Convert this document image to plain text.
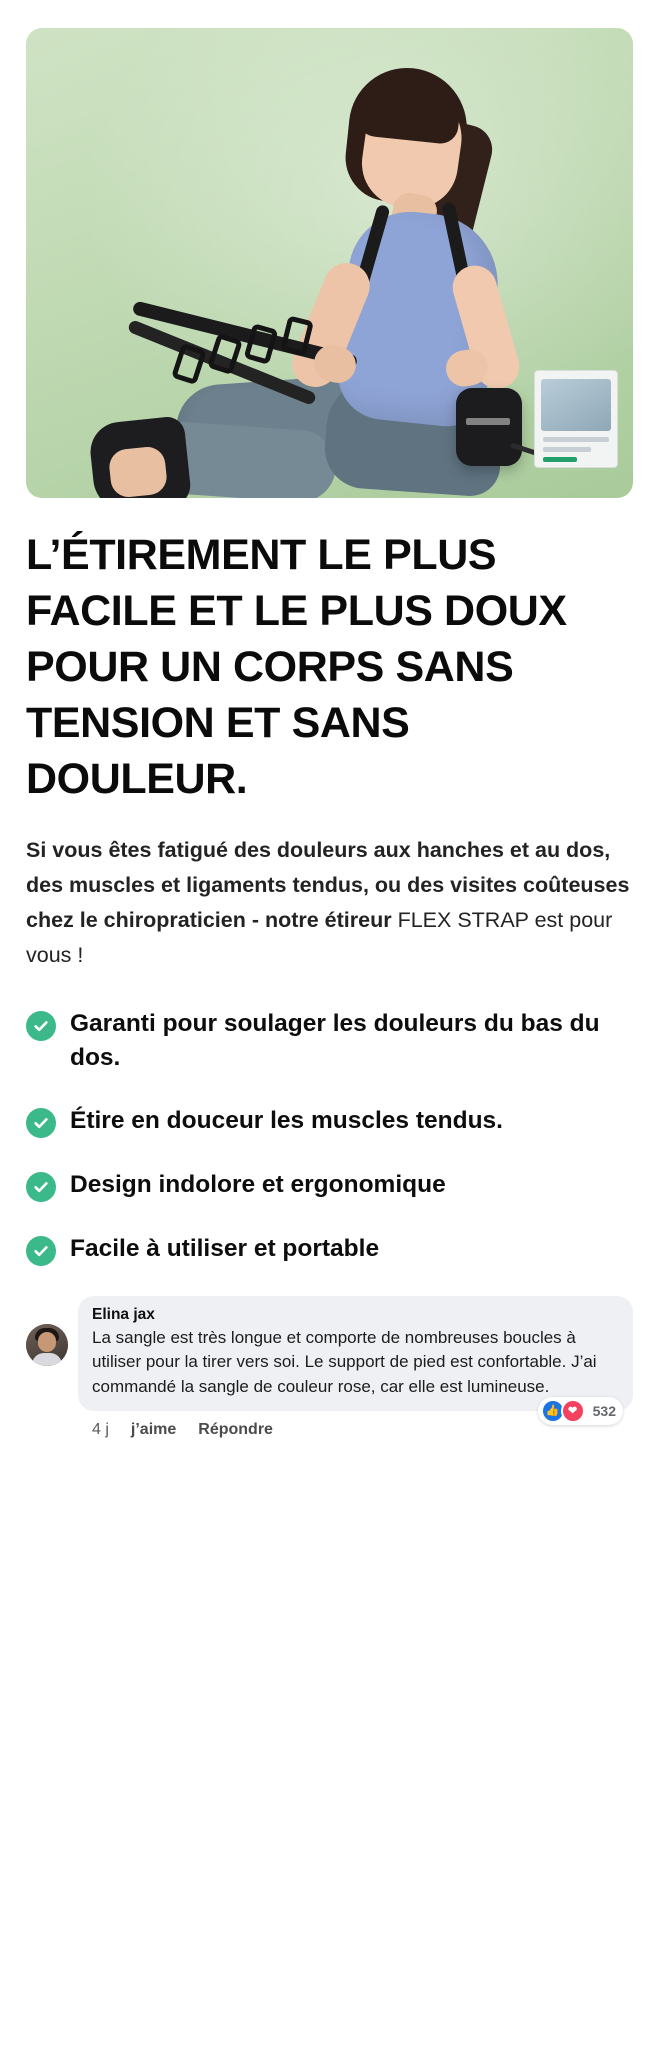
L’ÉTIREMENT LE PLUS FACILE ET LE PLUS DOUX POUR UN CORPS SANS TENSION ET SANS DOULEUR.

Si vous êtes fatigué des douleurs aux hanches et au dos, des muscles et ligaments tendus, ou des visites coûteuses chez le chiropraticien - notre étireur FLEX STRAP est pour vous !

Garanti pour soulager les douleurs du bas du dos.
Étire en douceur les muscles tendus.
Design indolore et ergonomique
Facile à utiliser et portable
Elina jax
La sangle est très longue et comporte de nombreuses boucles à utiliser pour la tirer vers soi. Le support de pied est confortable. J’ai commandé la sangle de couleur rose, car elle est lumineuse.
4 j j’aime Répondre
👍 ❤	532
